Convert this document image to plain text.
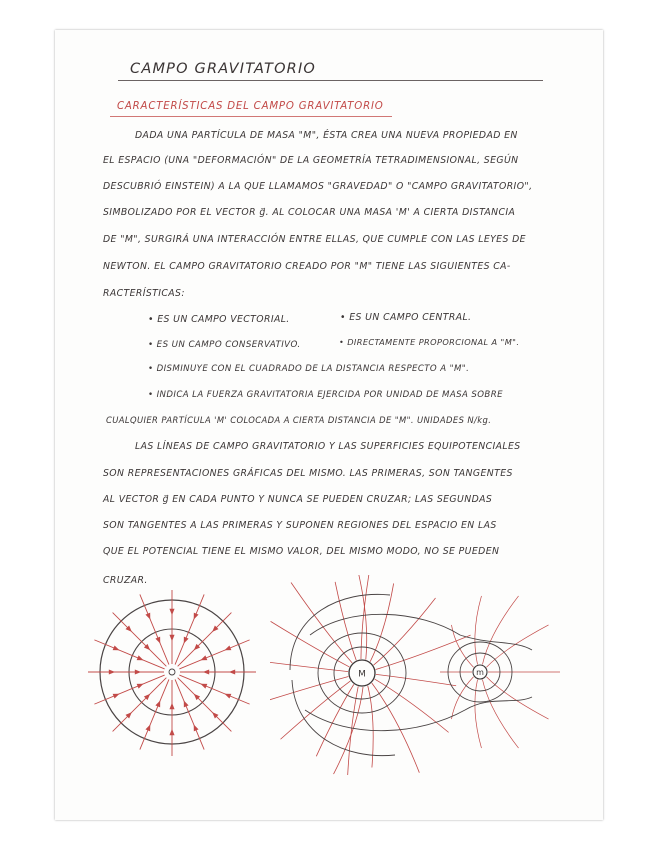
CAMPO GRAVITATORIO
CARACTERÍSTICAS DEL CAMPO GRAVITATORIO
DADA UNA PARTÍCULA DE MASA "M", ÉSTA CREA UNA NUEVA PROPIEDAD EN
EL ESPACIO (UNA "DEFORMACIÓN" DE LA GEOMETRÍA TETRADIMENSIONAL, SEGÚN
DESCUBRIÓ EINSTEIN) A LA QUE LLAMAMOS "GRAVEDAD" O "CAMPO GRAVITATORIO",
SIMBOLIZADO POR EL VECTOR g⃗. AL COLOCAR UNA MASA 'M' A CIERTA DISTANCIA
DE "M", SURGIRÁ UNA INTERACCIÓN ENTRE ELLAS, QUE CUMPLE CON LAS LEYES DE
NEWTON. EL CAMPO GRAVITATORIO CREADO POR "M" TIENE LAS SIGUIENTES CA-
RACTERÍSTICAS:
• ES UN CAMPO VECTORIAL.	• ES UN CAMPO CENTRAL.
• ES UN CAMPO CONSERVATIVO.	• DIRECTAMENTE PROPORCIONAL A "M".
• DISMINUYE CON EL CUADRADO DE LA DISTANCIA RESPECTO A "M".
• INDICA LA FUERZA GRAVITATORIA EJERCIDA POR UNIDAD DE MASA SOBRE
CUALQUIER PARTÍCULA 'M' COLOCADA A CIERTA DISTANCIA DE "M". UNIDADES N/kg.
LAS LÍNEAS DE CAMPO GRAVITATORIO Y LAS SUPERFICIES EQUIPOTENCIALES
SON REPRESENTACIONES GRÁFICAS DEL MISMO. LAS PRIMERAS, SON TANGENTES
AL VECTOR g⃗ EN CADA PUNTO Y NUNCA SE PUEDEN CRUZAR; LAS SEGUNDAS
SON TANGENTES A LAS PRIMERAS Y SUPONEN REGIONES DEL ESPACIO EN LAS
QUE EL POTENCIAL TIENE EL MISMO VALOR, DEL MISMO MODO, NO SE PUEDEN
CRUZAR.
M	m
